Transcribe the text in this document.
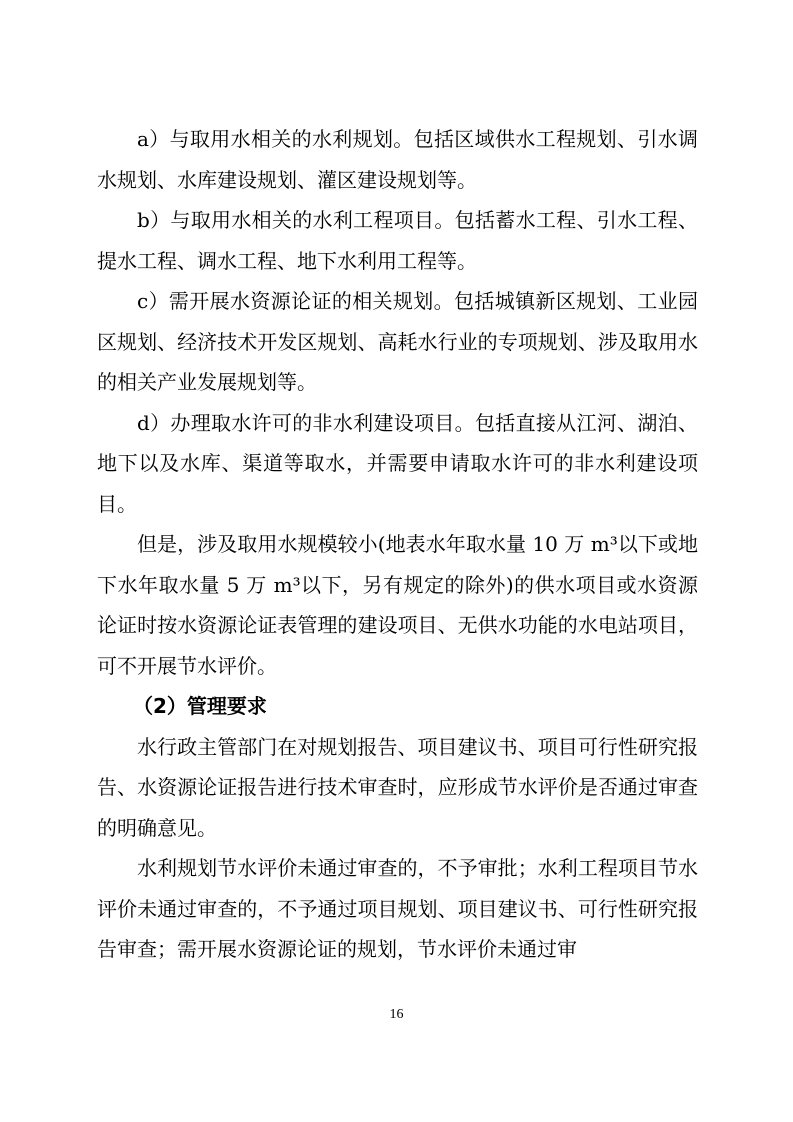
a）与取用水相关的水利规划。包括区域供水工程规划、引水调水规划、水库建设规划、灌区建设规划等。

b）与取用水相关的水利工程项目。包括蓄水工程、引水工程、提水工程、调水工程、地下水利用工程等。

c）需开展水资源论证的相关规划。包括城镇新区规划、工业园区规划、经济技术开发区规划、高耗水行业的专项规划、涉及取用水的相关产业发展规划等。

d）办理取水许可的非水利建设项目。包括直接从江河、湖泊、地下以及水库、渠道等取水，并需要申请取水许可的非水利建设项目。

但是，涉及取用水规模较小(地表水年取水量 10 万 m³以下或地下水年取水量 5 万 m³以下，另有规定的除外)的供水项目或水资源论证时按水资源论证表管理的建设项目、无供水功能的水电站项目，可不开展节水评价。

（2）管理要求

水行政主管部门在对规划报告、项目建议书、项目可行性研究报告、水资源论证报告进行技术审查时，应形成节水评价是否通过审查的明确意见。

水利规划节水评价未通过审查的，不予审批；水利工程项目节水评价未通过审查的，不予通过项目规划、项目建议书、可行性研究报告审查；需开展水资源论证的规划，节水评价未通过审

16
